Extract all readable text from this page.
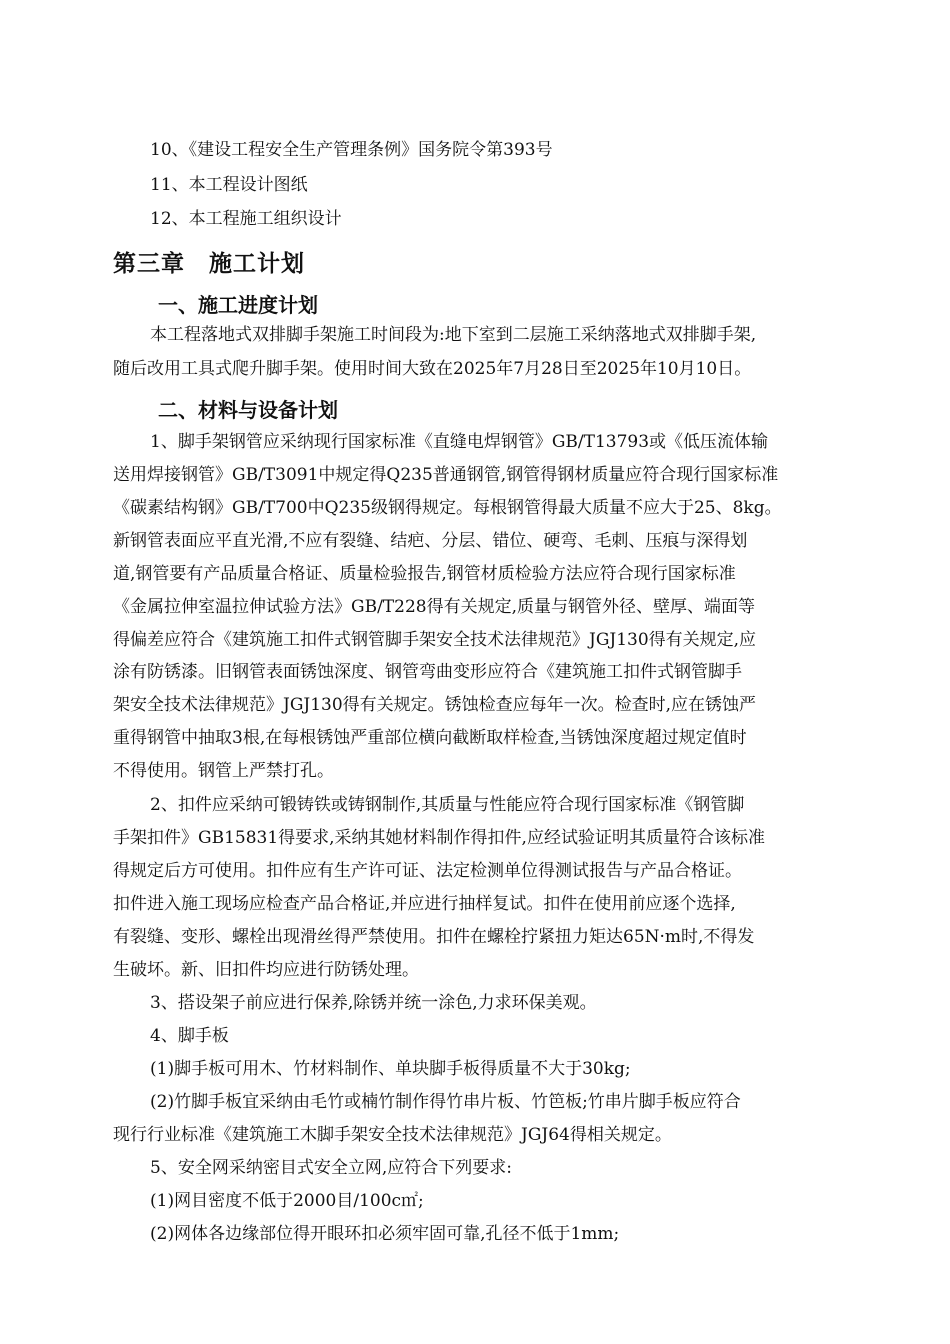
10、《建设工程安全生产管理条例》国务院令第393号
11、本工程设计图纸
12、本工程施工组织设计
第三章　施工计划
一、施工进度计划
本工程落地式双排脚手架施工时间段为:地下室到二层施工采纳落地式双排脚手架,
随后改用工具式爬升脚手架。使用时间大致在2025年7月28日至2025年10月10日。
二、材料与设备计划
1、脚手架钢管应采纳现行国家标准《直缝电焊钢管》GB/T13793或《低压流体输
送用焊接钢管》GB/T3091中规定得Q235普通钢管,钢管得钢材质量应符合现行国家标准
《碳素结构钢》GB/T700中Q235级钢得规定。每根钢管得最大质量不应大于25、8kg。
新钢管表面应平直光滑,不应有裂缝、结疤、分层、错位、硬弯、毛刺、压痕与深得划
道,钢管要有产品质量合格证、质量检验报告,钢管材质检验方法应符合现行国家标准
《金属拉伸室温拉伸试验方法》GB/T228得有关规定,质量与钢管外径、壁厚、端面等
得偏差应符合《建筑施工扣件式钢管脚手架安全技术法律规范》JGJ130得有关规定,应
涂有防锈漆。旧钢管表面锈蚀深度、钢管弯曲变形应符合《建筑施工扣件式钢管脚手
架安全技术法律规范》JGJ130得有关规定。锈蚀检查应每年一次。检查时,应在锈蚀严
重得钢管中抽取3根,在每根锈蚀严重部位横向截断取样检查,当锈蚀深度超过规定值时
不得使用。钢管上严禁打孔。
2、扣件应采纳可锻铸铁或铸钢制作,其质量与性能应符合现行国家标准《钢管脚
手架扣件》GB15831得要求,采纳其她材料制作得扣件,应经试验证明其质量符合该标准
得规定后方可使用。扣件应有生产许可证、法定检测单位得测试报告与产品合格证。
扣件进入施工现场应检查产品合格证,并应进行抽样复试。扣件在使用前应逐个选择,
有裂缝、变形、螺栓出现滑丝得严禁使用。扣件在螺栓拧紧扭力矩达65N·m时,不得发
生破坏。新、旧扣件均应进行防锈处理。
3、搭设架子前应进行保养,除锈并统一涂色,力求环保美观。
4、脚手板
(1)脚手板可用木、竹材料制作、单块脚手板得质量不大于30kg;
(2)竹脚手板宜采纳由毛竹或楠竹制作得竹串片板、竹笆板;竹串片脚手板应符合
现行行业标准《建筑施工木脚手架安全技术法律规范》JGJ64得相关规定。
5、安全网采纳密目式安全立网,应符合下列要求:
(1)网目密度不低于2000目/100c㎡;
(2)网体各边缘部位得开眼环扣必须牢固可靠,孔径不低于1mm;
